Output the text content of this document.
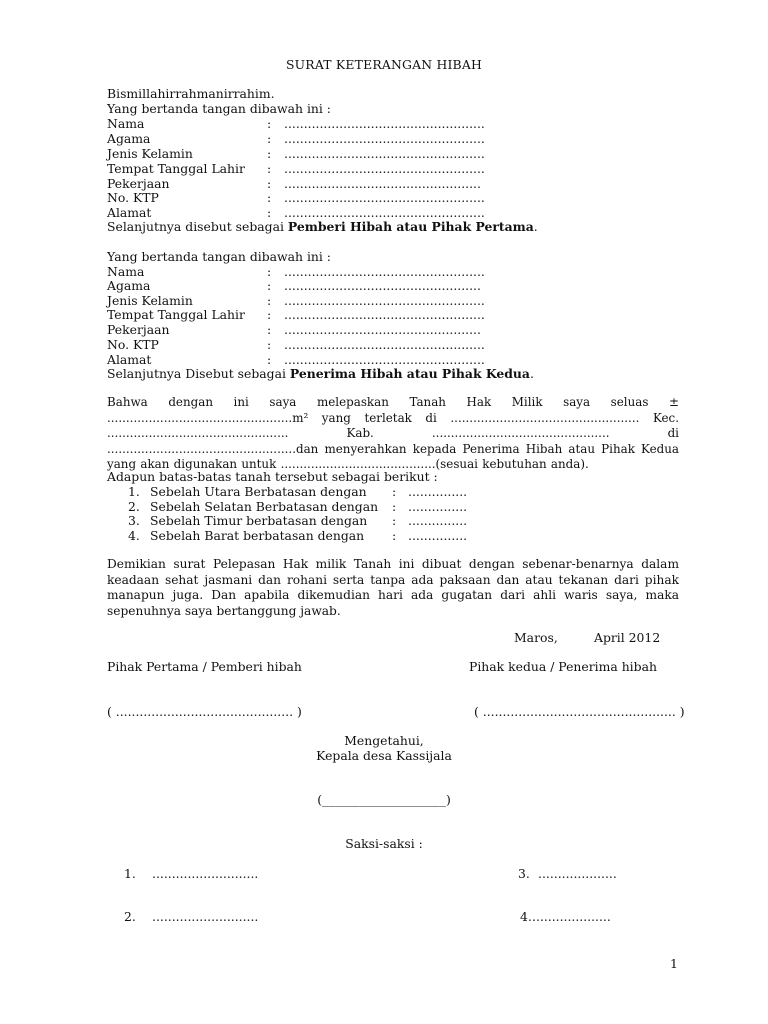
SURAT KETERANGAN HIBAH
Bismillahirrahmanirrahim.
Yang bertanda tangan dibawah ini :
Nama	: ...................................................
Agama	: ...................................................
Jenis Kelamin	: ...................................................
Tempat Tanggal Lahir : ...................................................
Pekerjaan	: ..................................................
No. KTP	: ...................................................
Alamat	: ...................................................
Selanjutnya disebut sebagai Pemberi Hibah atau Pihak Pertama.
Yang bertanda tangan dibawah ini :
Nama	: ...................................................
Agama	: ..................................................
Jenis Kelamin	: ...................................................
Tempat Tanggal Lahir : ...................................................
Pekerjaan	: ..................................................
No. KTP	: ...................................................
Alamat	: ...................................................
Selanjutnya Disebut sebagai Penerima Hibah atau Pihak Kedua.
Bahwa dengan ini saya melepaskan Tanah Hak Milik saya seluas ± .................................................m² yang terletak di .................................................. Kec. ................................................ Kab. ............................................... di ..................................................dan menyerahkan kepada Penerima Hibah atau Pihak Kedua yang akan digunakan untuk .........................................(sesuai kebutuhan anda).
Adapun batas-batas tanah tersebut sebagai berikut :
1. Sebelah Utara Berbatasan dengan : ...............
2. Sebelah Selatan Berbatasan dengan : ...............
3. Sebelah Timur berbatasan dengan : ...............
4. Sebelah Barat berbatasan dengan : ...............
Demikian surat Pelepasan Hak milik Tanah ini dibuat dengan sebenar-benarnya dalam keadaan sehat jasmani dan rohani serta tanpa ada paksaan dan atau tekanan dari pihak manapun juga. Dan apabila dikemudian hari ada gugatan dari ahli waris saya, maka sepenuhnya saya bertanggung jawab.
Maros,	April 2012
Pihak Pertama / Pemberi hibah	Pihak kedua / Penerima hibah
( ............................................. )	( ................................................. )
Mengetahui,
Kepala desa Kassijala
(____________________)
Saksi-saksi :
1. ...........................	3. ....................
2. ...........................	4. ....................
1
